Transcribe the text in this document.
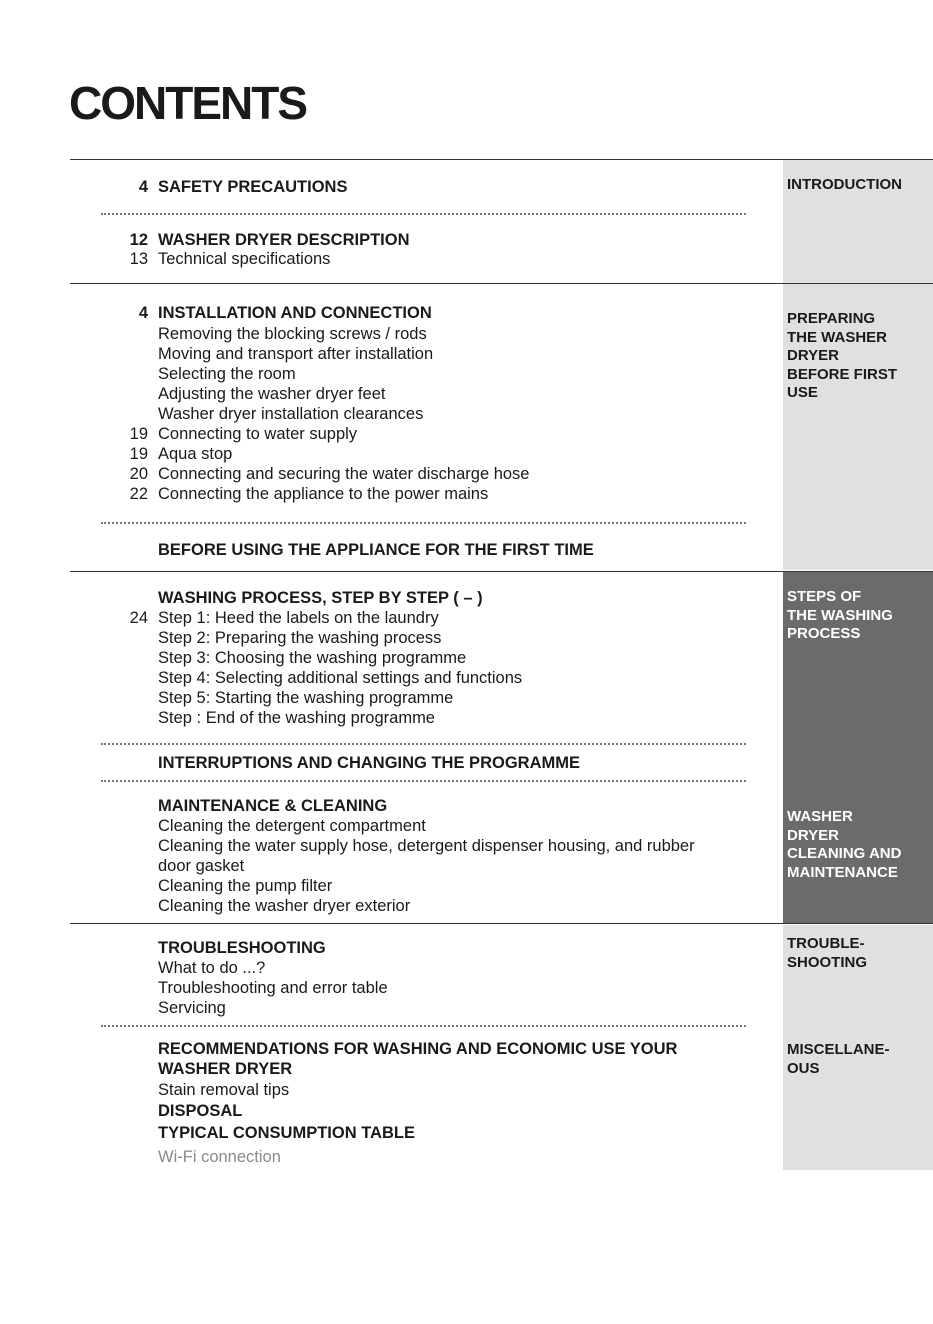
CONTENTS

INTRODUCTION

PREPARING
THE WASHER
DRYER
BEFORE FIRST
USE

STEPS OF
THE WASHING
PROCESS

WASHER
DRYER
CLEANING AND
MAINTENANCE

TROUBLE-
SHOOTING

MISCELLANE-
OUS

4 SAFETY PRECAUTIONS
12 WASHER DRYER DESCRIPTION
13 Technical specifications
4 INSTALLATION AND CONNECTION
Removing the blocking screws / rods
Moving and transport after installation
Selecting the room
Adjusting the washer dryer feet
Washer dryer installation clearances
19 Connecting to water supply
19 Aqua stop
20 Connecting and securing the water discharge hose
22 Connecting the appliance to the power mains
BEFORE USING THE APPLIANCE FOR THE FIRST TIME
WASHING PROCESS, STEP BY STEP ( – )
24 Step 1: Heed the labels on the laundry
Step 2: Preparing the washing process
Step 3: Choosing the washing programme
Step 4: Selecting additional settings and functions
Step 5: Starting the washing programme
Step : End of the washing programme
INTERRUPTIONS AND CHANGING THE PROGRAMME
MAINTENANCE & CLEANING
Cleaning the detergent compartment
Cleaning the water supply hose, detergent dispenser housing, and rubber
door gasket
Cleaning the pump filter
Cleaning the washer dryer exterior
TROUBLESHOOTING
What to do ...?
Troubleshooting and error table
Servicing
RECOMMENDATIONS FOR WASHING AND ECONOMIC USE YOUR
WASHER DRYER
Stain removal tips
DISPOSAL
TYPICAL CONSUMPTION TABLE
Wi-Fi connection
